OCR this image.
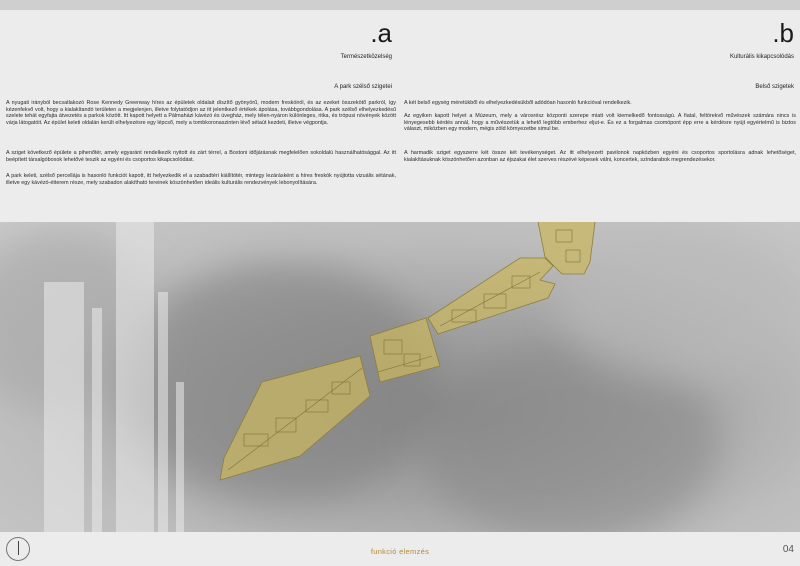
.a
Természetközelség
A park szélső szigetei

A nyugati irányból becsatlakozó Rose Kennedy Greenway híres az épületek oldalait díszítő gyönyörű, modern freskóiról, és az ezeket összekötő parkról, így kézenfekvő volt, hogy a kialakítandó területen a megjelenjen, illetve folytatódjon az itt jelentkező értékek ápolása, továbbgondolása. A park szélső elhelyezkedésű szelete tehát egyfajta átvezetés a parkok között. Itt kapott helyett a Pálmaházi kávézó és üvegház, mely télen-nyáron különleges, ritka, és trópusi növények között várja látogatóit. Az épület keleti oldalán került elhelyezésre egy lépcső, mely a tombkoronaszinten lévő sétaút kezdeti, illetve végpontja.

A sziget következő épülete a pihenőtér, amely egyaránt rendelkezik nyitott és zárt térrel, a Bostoni időjárásnak megfelelően sokoldalú használhatósággal. Az itt beépített társalgóboxok lehetővé teszik az egyéni és csoportos kikapcsolódást.

A park keleti, szélső percellája is hasonló funkciót kapott, itt helyezkedik el a szabadtéri kiállítótér, mintegy lezárásként a híres freskók nyújtotta vizuális sétának, illetve egy kávézó-étterem része, mely szabadon alakítható tereinek köszönhetően ideális kulturális rendezvények lebonyolítására.

.b
Kulturális kikapcsolódás
Belső szigetek

A két belső egység méretükből és elhelyezkedésükből adódóan hasonló funkcióval rendelkezik.

Az egyiken kapott helyet a Múzeum, mely a városrész központi szerepe miatt volt kiemelkedő fontosságú. A fiatal, feltörekvő művészek számára nincs is lényegesebb kérdés annál, hogy a művészetük a lehető legtöbb emberhez eljut-e. És ez a forgalmas csomópont épp erre a kérdésre nyújt egyértelmű is biztos választ, miközben egy modern, mégis zöld környezetbe simul be.

A harmadik sziget egyszerre két össze két tevékenységet. Az itt elhelyezett pavilonok napközben egyéni és csoportos sportolásra adnak lehetőséget, kialakításuknak köszönhetően azonban az éjszakai élet szerves részévé képesek válni, koncertek, színdarabok megrendezésekor.

funkció elemzés	04
